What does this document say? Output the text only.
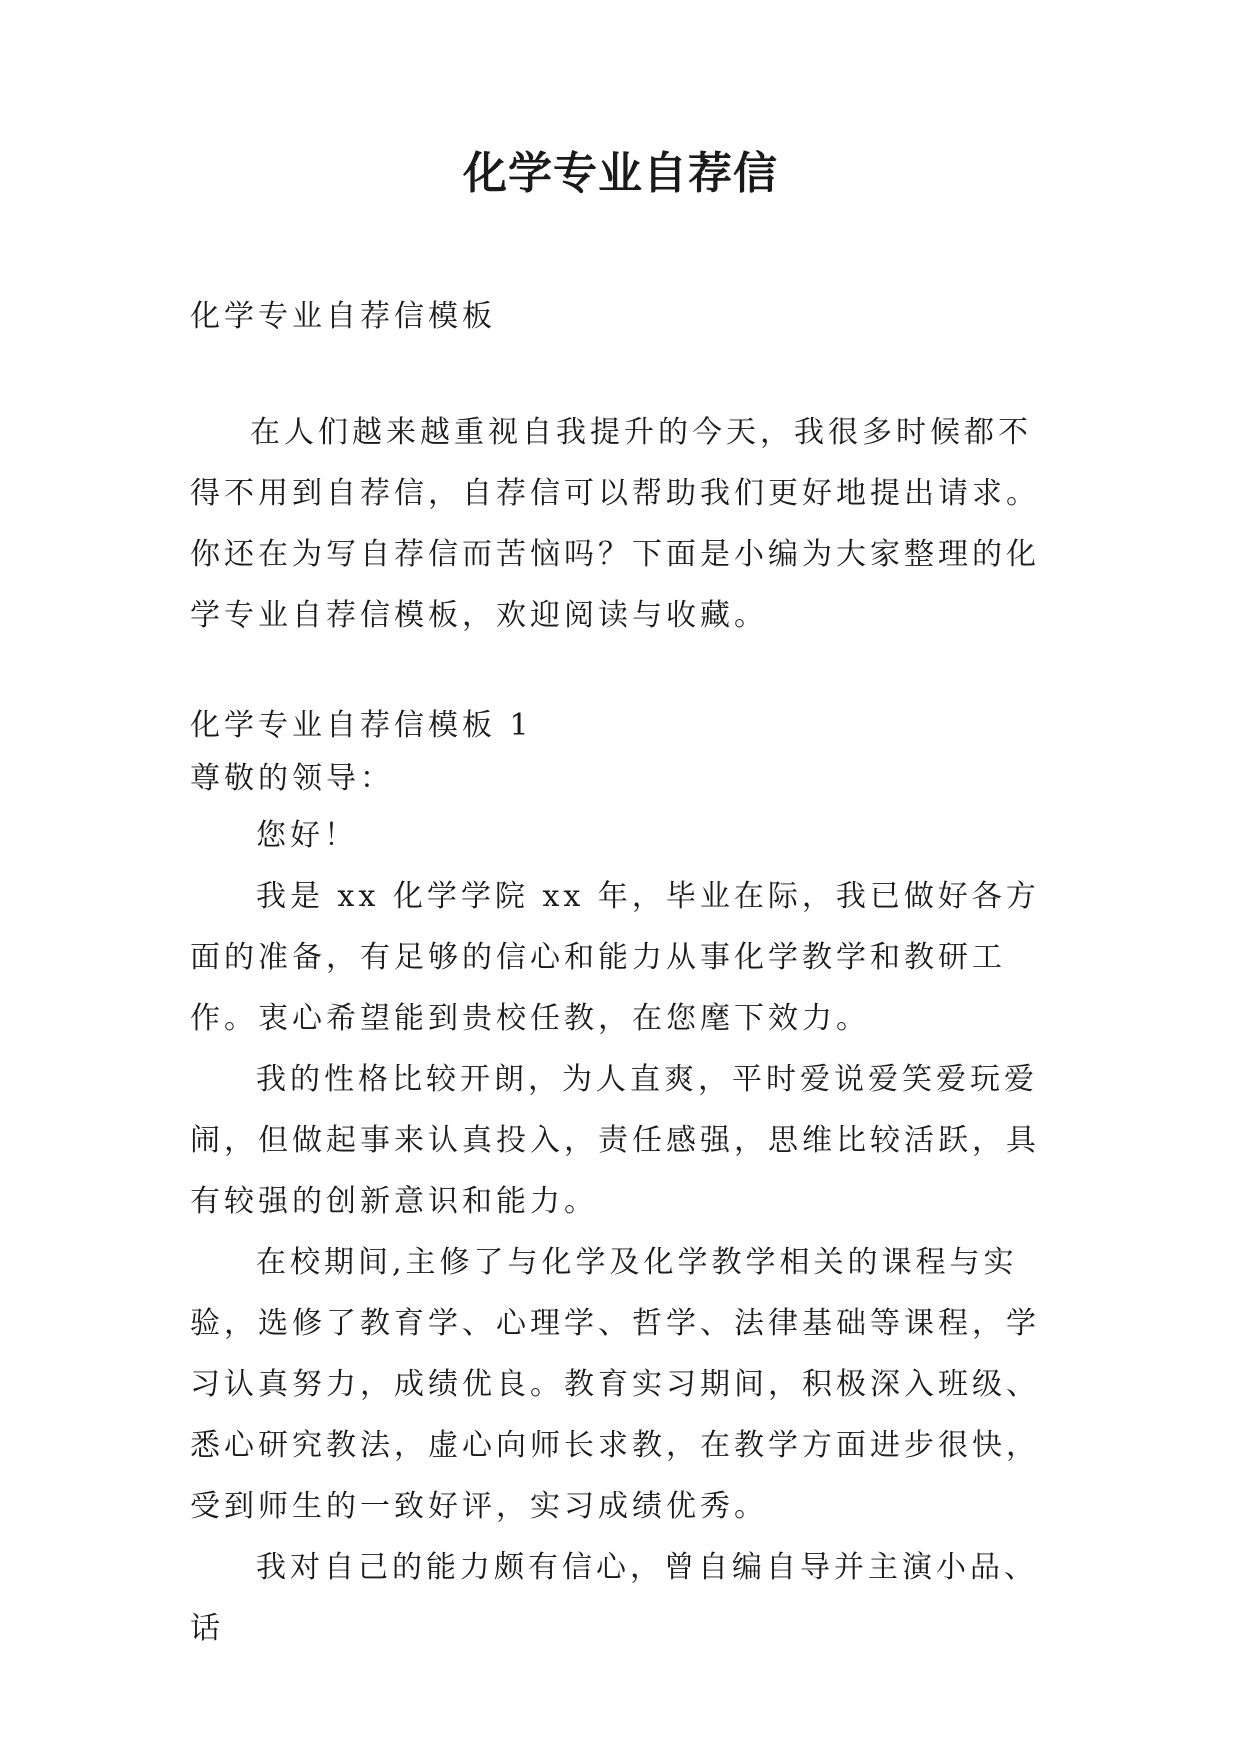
化学专业自荐信
化学专业自荐信模板
在人们越来越重视自我提升的今天，我很多时候都不得不用到自荐信，自荐信可以帮助我们更好地提出请求。你还在为写自荐信而苦恼吗？下面是小编为大家整理的化学专业自荐信模板，欢迎阅读与收藏。

化学专业自荐信模板 1

尊敬的领导：

您好！

我是 xx 化学学院 xx 年，毕业在际，我已做好各方面的准备，有足够的信心和能力从事化学教学和教研工作。衷心希望能到贵校任教，在您麾下效力。

我的性格比较开朗，为人直爽，平时爱说爱笑爱玩爱闹，但做起事来认真投入，责任感强，思维比较活跃，具有较强的创新意识和能力。

在校期间,主修了与化学及化学教学相关的课程与实验，选修了教育学、心理学、哲学、法律基础等课程，学习认真努力，成绩优良。教育实习期间，积极深入班级、悉心研究教法，虚心向师长求教，在教学方面进步很快，受到师生的一致好评，实习成绩优秀。

我对自己的能力颇有信心，曾自编自导并主演小品、话
